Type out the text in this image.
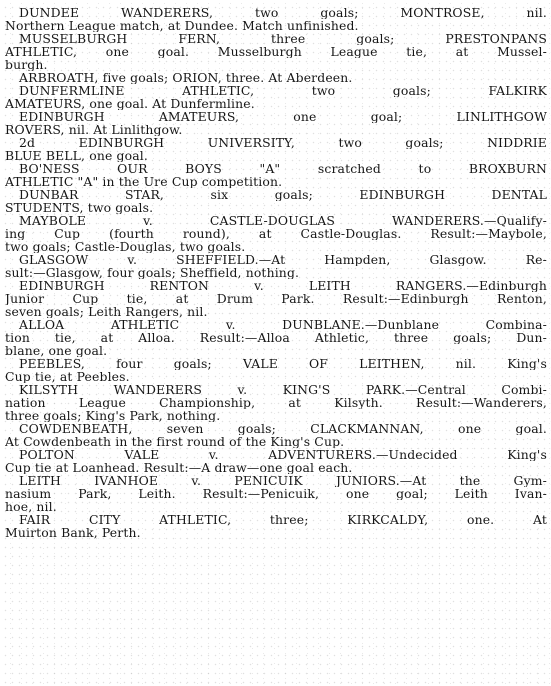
DUNDEE WANDERERS, two goals; MONTROSE, nil.
Northern League match, at Dundee. Match unfinished.
MUSSELBURGH FERN, three goals; PRESTONPANS
ATHLETIC, one goal. Musselburgh League tie, at Mussel-
burgh.
ARBROATH, five goals; ORION, three. At Aberdeen.
DUNFERMLINE ATHLETIC, two goals; FALKIRK
AMATEURS, one goal. At Dunfermline.
EDINBURGH AMATEURS, one goal; LINLITHGOW
ROVERS, nil. At Linlithgow.
2d EDINBURGH UNIVERSITY, two goals; NIDDRIE
BLUE BELL, one goal.
BO'NESS OUR BOYS "A" scratched to BROXBURN
ATHLETIC "A" in the Ure Cup competition.
DUNBAR STAR, six goals; EDINBURGH DENTAL
STUDENTS, two goals.
MAYBOLE v. CASTLE-DOUGLAS WANDERERS.—Qualify-
ing Cup (fourth round), at Castle-Douglas. Result:—Maybole,
two goals; Castle-Douglas, two goals.
GLASGOW v. SHEFFIELD.—At Hampden, Glasgow. Re-
sult:—Glasgow, four goals; Sheffield, nothing.
EDINBURGH RENTON v. LEITH RANGERS.—Edinburgh
Junior Cup tie, at Drum Park. Result:—Edinburgh Renton,
seven goals; Leith Rangers, nil.
ALLOA ATHLETIC v. DUNBLANE.—Dunblane Combina-
tion tie, at Alloa. Result:—Alloa Athletic, three goals; Dun-
blane, one goal.
PEEBLES, four goals; VALE OF LEITHEN, nil. King's
Cup tie, at Peebles.
KILSYTH WANDERERS v. KING'S PARK.—Central Combi-
nation League Championship, at Kilsyth. Result:—Wanderers,
three goals; King's Park, nothing.
COWDENBEATH, seven goals; CLACKMANNAN, one goal.
At Cowdenbeath in the first round of the King's Cup.
POLTON VALE v. ADVENTURERS.—Undecided King's
Cup tie at Loanhead. Result:—A draw—one goal each.
LEITH IVANHOE v. PENICUIK JUNIORS.—At the Gym-
nasium Park, Leith. Result:—Penicuik, one goal; Leith Ivan-
hoe, nil.
FAIR CITY ATHLETIC, three; KIRKCALDY, one. At
Muirton Bank, Perth.
